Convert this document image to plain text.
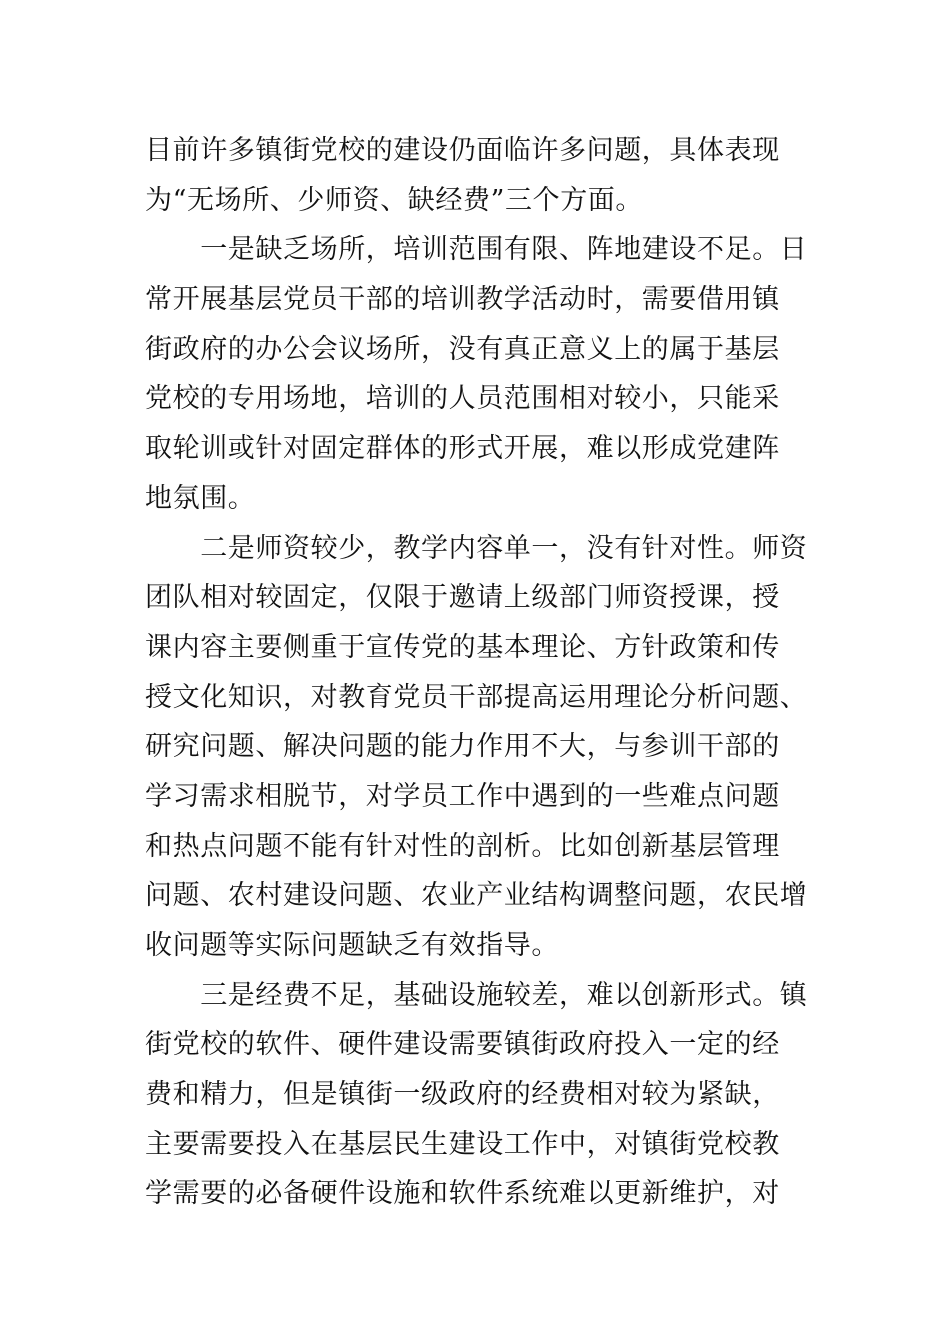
目前许多镇街党校的建设仍面临许多问题，具体表现
为“无场所、少师资、缺经费”三个方面。
　　一是缺乏场所，培训范围有限、阵地建设不足。日
常开展基层党员干部的培训教学活动时，需要借用镇
街政府的办公会议场所，没有真正意义上的属于基层
党校的专用场地，培训的人员范围相对较小，只能采
取轮训或针对固定群体的形式开展，难以形成党建阵
地氛围。
　　二是师资较少，教学内容单一，没有针对性。师资
团队相对较固定，仅限于邀请上级部门师资授课，授
课内容主要侧重于宣传党的基本理论、方针政策和传
授文化知识，对教育党员干部提高运用理论分析问题、
研究问题、解决问题的能力作用不大，与参训干部的
学习需求相脱节，对学员工作中遇到的一些难点问题
和热点问题不能有针对性的剖析。比如创新基层管理
问题、农村建设问题、农业产业结构调整问题，农民增
收问题等实际问题缺乏有效指导。
　　三是经费不足，基础设施较差，难以创新形式。镇
街党校的软件、硬件建设需要镇街政府投入一定的经
费和精力，但是镇街一级政府的经费相对较为紧缺，
主要需要投入在基层民生建设工作中，对镇街党校教
学需要的必备硬件设施和软件系统难以更新维护，对
